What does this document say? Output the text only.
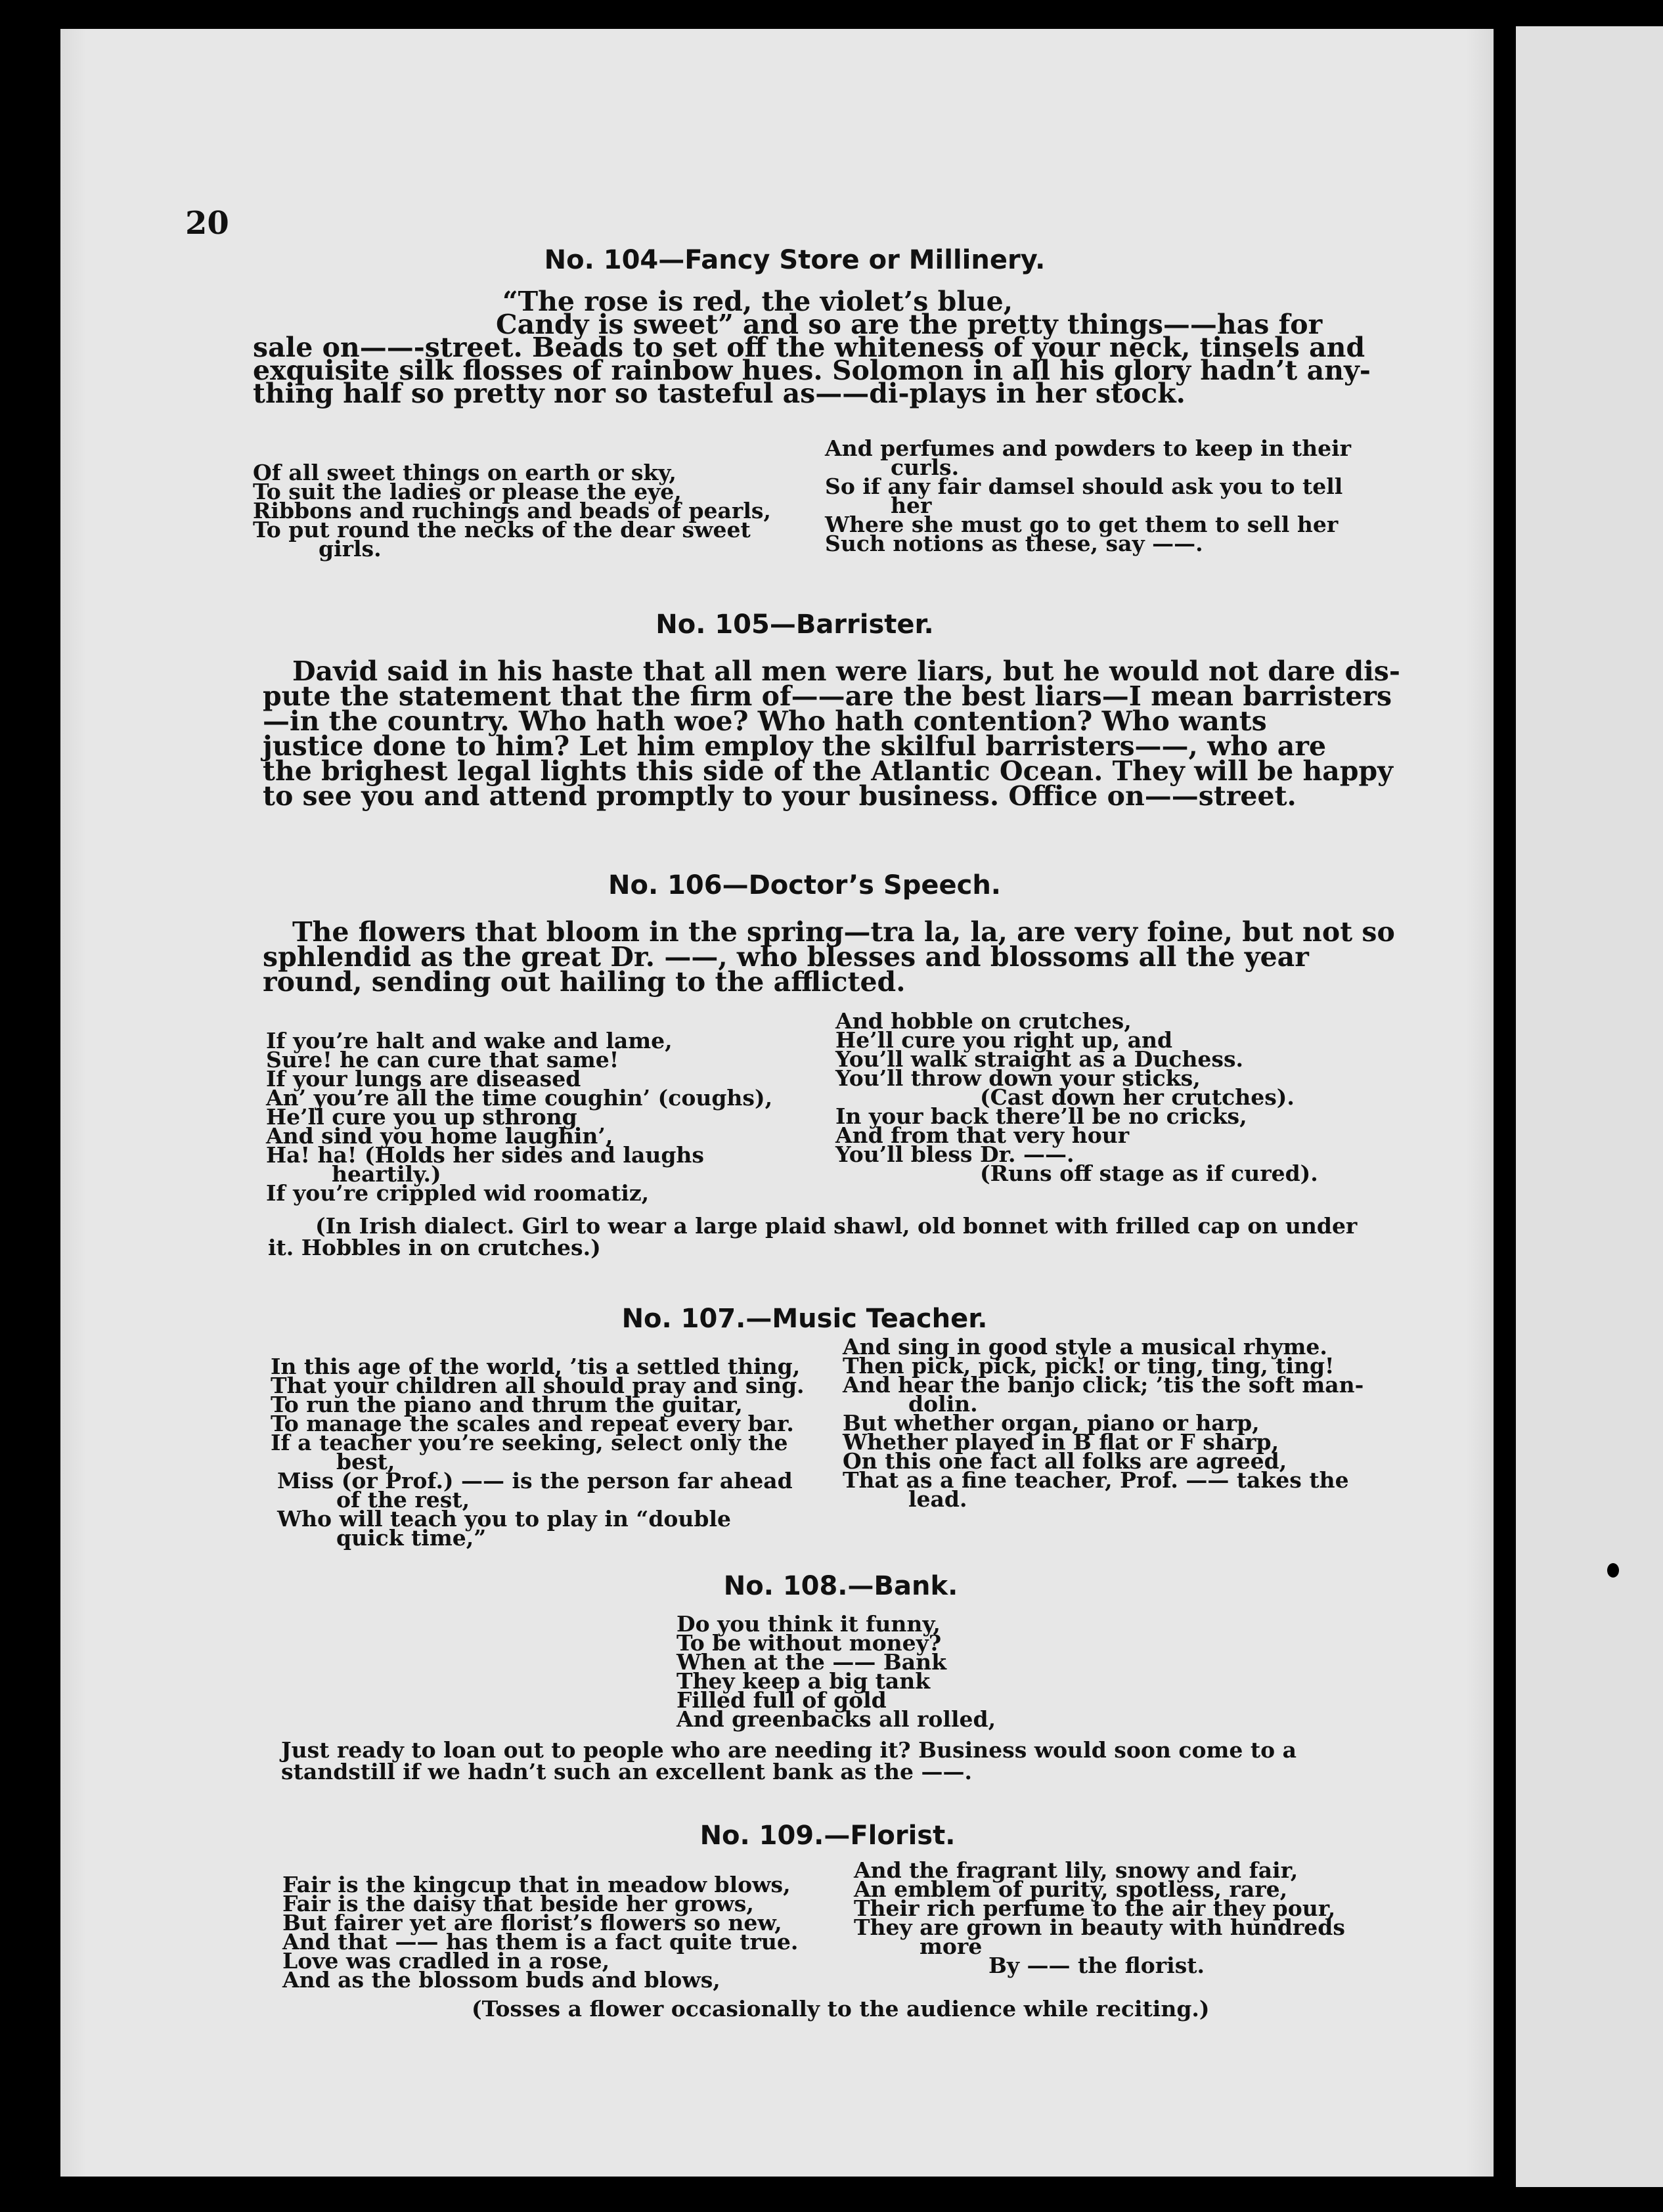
20
No. 104—Fancy Store or Millinery.
“The rose is red, the violet’s blue,
Candy is sweet” and so are the pretty things——has for
sale on——-street. Beads to set off the whiteness of your neck, tinsels and
exquisite silk flosses of rainbow hues. Solomon in all his glory hadn’t any-
thing half so pretty nor so tasteful as——di-plays in her stock.
Of all sweet things on earth or sky,
To suit the ladies or please the eye,
Ribbons and ruchings and beads of pearls,
To put round the necks of the dear sweet
girls.
And perfumes and powders to keep in their
curls.
So if any fair damsel should ask you to tell
her
Where she must go to get them to sell her
Such notions as these, say ——.
No. 105—Barrister.
David said in his haste that all men were liars, but he would not dare dis-
pute the statement that the firm of——are the best liars—I mean barristers
—in the country. Who hath woe? Who hath contention? Who wants
justice done to him? Let him employ the skilful barristers——, who are
the brighest legal lights this side of the Atlantic Ocean. They will be happy
to see you and attend promptly to your business. Office on——street.
No. 106—Doctor’s Speech.
The flowers that bloom in the spring—tra la, la, are very foine, but not so
sphlendid as the great Dr. ——, who blesses and blossoms all the year
round, sending out hailing to the afflicted.
If you’re halt and wake and lame,
Sure! he can cure that same!
If your lungs are diseased
An’ you’re all the time coughin’ (coughs),
He’ll cure you up sthrong
And sind you home laughin’,
Ha! ha! (Holds her sides and laughs
heartily.)
If you’re crippled wid roomatiz,
And hobble on crutches,
He’ll cure you right up, and
You’ll walk straight as a Duchess.
You’ll throw down your sticks,
(Cast down her crutches).
In your back there’ll be no cricks,
And from that very hour
You’ll bless Dr. ——.
(Runs off stage as if cured).
(In Irish dialect. Girl to wear a large plaid shawl, old bonnet with frilled cap on under
it. Hobbles in on crutches.)
No. 107.—Music Teacher.
In this age of the world, ’tis a settled thing,
That your children all should pray and sing.
To run the piano and thrum the guitar,
To manage the scales and repeat every bar.
If a teacher you’re seeking, select only the
best,
Miss (or Prof.) —— is the person far ahead
of the rest,
Who will teach you to play in “double
quick time,”
And sing in good style a musical rhyme.
Then pick, pick, pick! or ting, ting, ting!
And hear the banjo click; ’tis the soft man-
dolin.
But whether organ, piano or harp,
Whether played in B flat or F sharp,
On this one fact all folks are agreed,
That as a fine teacher, Prof. —— takes the
lead.
No. 108.—Bank.
Do you think it funny,
To be without money?
When at the —— Bank
They keep a big tank
Filled full of gold
And greenbacks all rolled,
Just ready to loan out to people who are needing it? Business would soon come to a
standstill if we hadn’t such an excellent bank as the ——.
No. 109.—Florist.
Fair is the kingcup that in meadow blows,
Fair is the daisy that beside her grows,
But fairer yet are florist’s flowers so new,
And that —— has them is a fact quite true.
Love was cradled in a rose,
And as the blossom buds and blows,
And the fragrant lily, snowy and fair,
An emblem of purity, spotless, rare,
Their rich perfume to the air they pour,
They are grown in beauty with hundreds
more
By —— the florist.
(Tosses a flower occasionally to the audience while reciting.)
